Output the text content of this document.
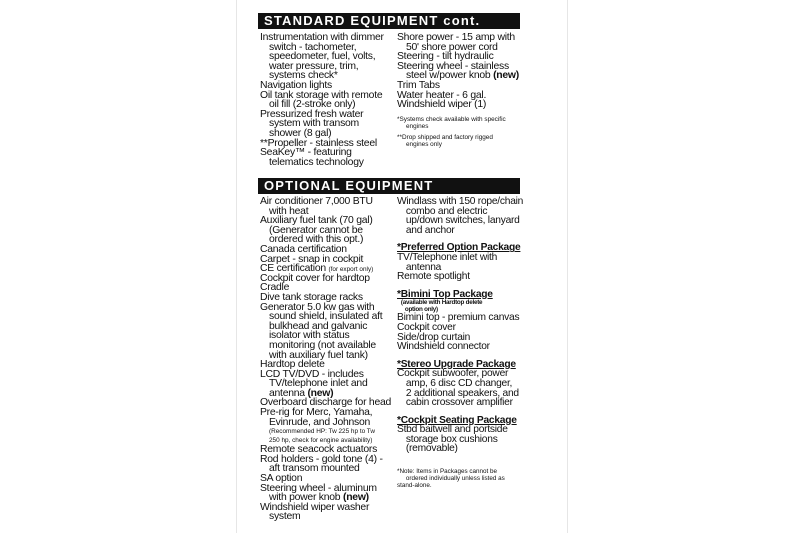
STANDARD EQUIPMENT cont.
Instrumentation with dimmer
switch - tachometer,
speedometer, fuel, volts,
water pressure, trim,
systems check*
Navigation lights
Oil tank storage with remote
oil fill (2-stroke only)
Pressurized fresh water
system with transom
shower (8 gal)
**Propeller - stainless steel
SeaKey™ - featuring
telematics technology
Shore power - 15 amp with
50' shore power cord
Steering - tilt hydraulic
Steering wheel - stainless
steel w/power knob (new)
Trim Tabs
Water heater - 6 gal.
Windshield wiper (1)
*Systems check available with specific
engines
**Drop shipped and factory rigged
engines only
OPTIONAL EQUIPMENT
Air conditioner 7,000 BTU
with heat
Auxiliary fuel tank (70 gal)
(Generator cannot be
ordered with this opt.)
Canada certification
Carpet - snap in cockpit
CE certification (for export only)
Cockpit cover for hardtop
Cradle
Dive tank storage racks
Generator 5.0 kw gas with
sound shield, insulated aft
bulkhead and galvanic
isolator with status
monitoring (not available
with auxiliary fuel tank)
Hardtop delete
LCD TV/DVD - includes
TV/telephone inlet and
antenna (new)
Overboard discharge for head
Pre-rig for Merc, Yamaha,
Evinrude, and Johnson
(Recommended HP: Tw 225 hp to Tw
250 hp, check for engine availability)
Remote seacock actuators
Rod holders - gold tone (4) -
aft transom mounted
SA option
Steering wheel - aluminum
with power knob (new)
Windshield wiper washer
system
Windlass with 150 rope/chain
combo and electric
up/down switches, lanyard
and anchor
*Preferred Option Package
TV/Telephone inlet with
antenna
Remote spotlight
*Bimini Top Package
(available with Hardtop delete
option only)
Bimini top - premium canvas
Cockpit cover
Side/drop curtain
Windshield connector
*Stereo Upgrade Package
Cockpit subwoofer, power
amp, 6 disc CD changer,
2 additional speakers, and
cabin crossover amplifier
*Cockpit Seating Package
Stbd baitwell and portside
storage box cushions
(removable)
*Note: Items in Packages cannot be
ordered individually unless listed as
stand-alone.
